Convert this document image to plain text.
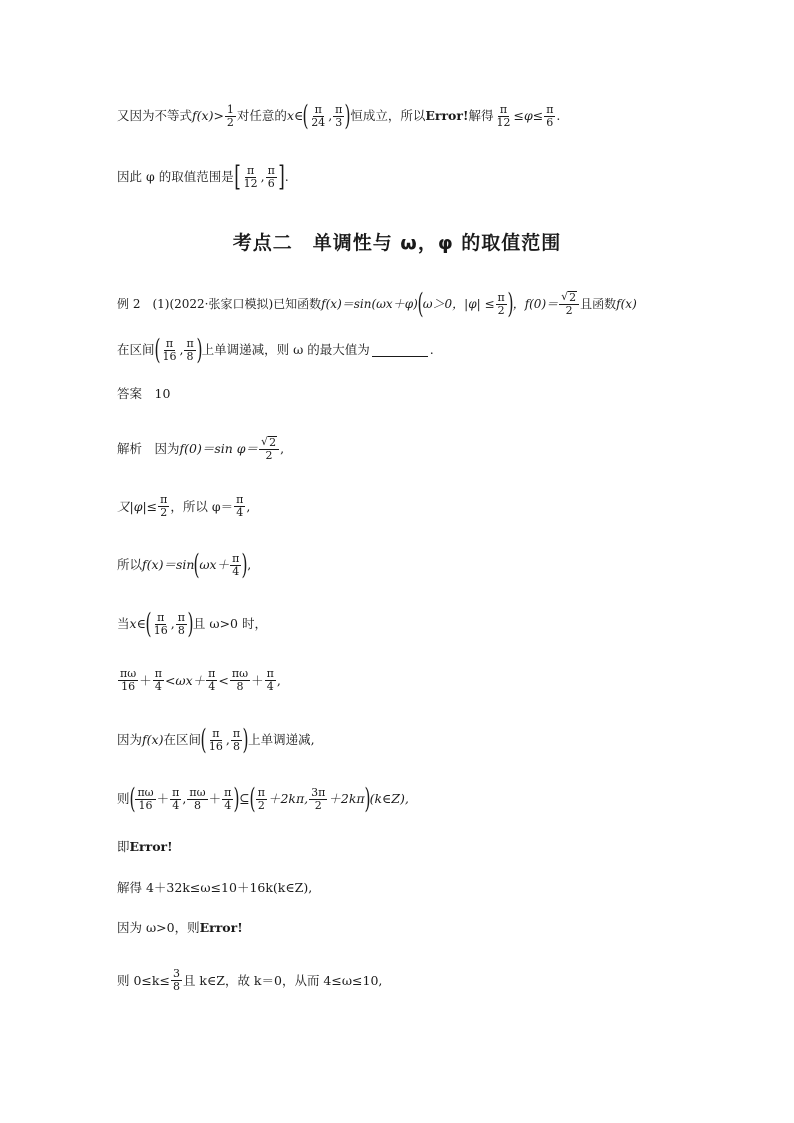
又因为不等式 $f(x)> \frac{1}{2}$ 对任意的 x∈ ( $\frac{\pi}{24}$ , $\frac{\pi}{3}$ ) 恒成立，所以 Error! 解得 $\frac{\pi}{12} \le\varphi\le \frac{\pi}{6}$ .
因此 φ 的取值范围是 [ $\frac{\pi}{12}$ , $\frac{\pi}{6}$ ] .
考点二　单调性与 ω，φ 的取值范围
例 2　(1)(2022·张家口模拟)已知函数 f(x)＝sin(ωx＋φ) ( ω＞0，$|\varphi| \le \frac{\pi}{2}$ ) ，$f(0)= \frac{√ 2}{2}$ 且函数 f(x)
在区间 ( $\frac{\pi}{16}$ , $\frac{\pi}{8}$ ) 上单调递减，则 ω 的最大值为	.
答案　10
解析　因为 f(0)＝sin $\varphi= \frac{√ 2}{2}$ ,
又$|\varphi|\le \frac{\pi}{2}$ ，所以 $\varphi= \frac{\pi}{4}$ ,
所以 f(x)＝sin ( $\omega x+ \frac{\pi}{4}$ ) ,
当 x∈ ( $\frac{\pi}{16}$ , $\frac{\pi}{8}$ ) 且 ω>0 时，
$\frac{\pi\omega}{16} + \frac{\pi}{4} <\omega x+ \frac{\pi}{4} < \frac{\pi\omega}{8} + \frac{\pi}{4}$ ,
因为 f(x) 在区间 ( $\frac{\pi}{16}$ , $\frac{\pi}{8}$ ) 上单调递减,
则 ( $\frac{\pi\omega}{16} + \frac{\pi}{4}$ , $\frac{\pi\omega}{8} + \frac{\pi}{4}$ ) ⊆ ( $\frac{\pi}{2} +2k\pi$, $\frac{3\pi}{2} +2k\pi$ ) (k∈Z),
即 Error!
解得 4＋32k≤ω≤10＋16k(k∈Z),
因为 ω>0，则 Error!
则 $0\le k\le \frac{3}{8}$ 且 k∈Z，故 k＝0，从而 4≤ω≤10,
